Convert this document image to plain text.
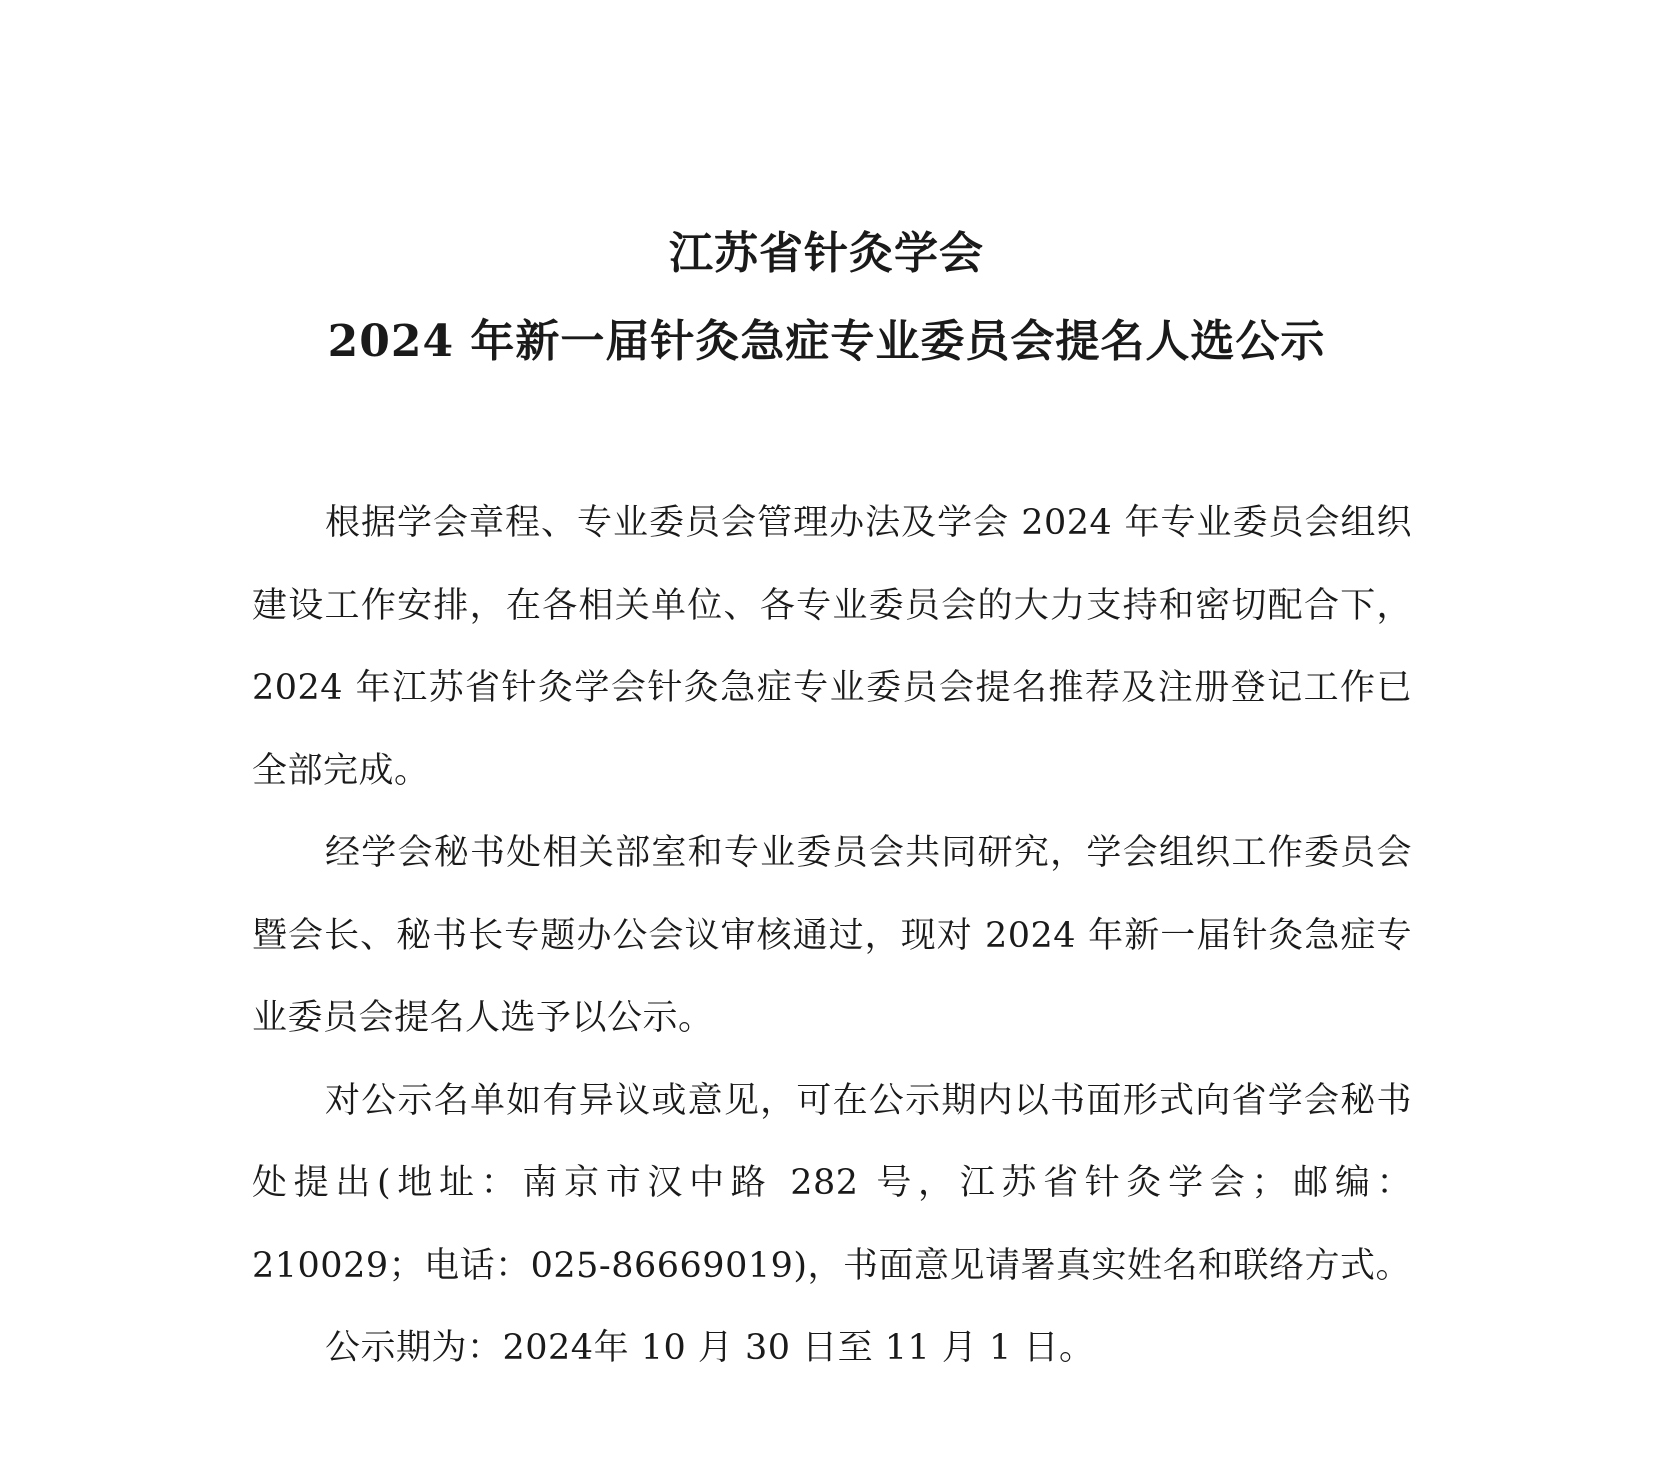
江苏省针灸学会
2024 年新一届针灸急症专业委员会提名人选公示

根据学会章程、专业委员会管理办法及学会 2024 年专业委员会组织建设工作安排，在各相关单位、各专业委员会的大力支持和密切配合下，2024 年江苏省针灸学会针灸急症专业委员会提名推荐及注册登记工作已全部完成。

经学会秘书处相关部室和专业委员会共同研究，学会组织工作委员会暨会长、秘书长专题办公会议审核通过，现对 2024 年新一届针灸急症专业委员会提名人选予以公示。

对公示名单如有异议或意见，可在公示期内以书面形式向省学会秘书处提出(地址：南京市汉中路 282 号，江苏省针灸学会；邮编：210029；电话：025-86669019)，书面意见请署真实姓名和联络方式。

公示期为：2024年 10 月 30 日至 11 月 1 日。
